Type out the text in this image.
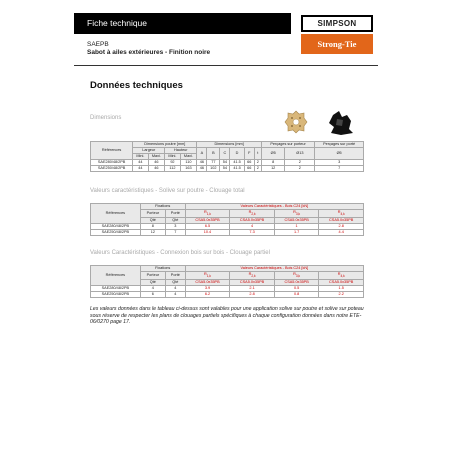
Fiche technique	SIMPSON
Strong-Tie
SAEPB
Sabot à ailes extérieures - Finition noire
Données techniques
Dimensions
Références	Dimensions poutre [mm]				Dimensions [mm]						Perçages sur porteur		Perçages sur porté
	Largeur		Hauteur		A	B	C	D	F	t	Ø5	Ø13	Ø5
	Mini.	Maxi.	Mini.	Maxi.									
SAE280/48/2PB	44	46	92	110	46	77	54	41.5	66	2	8	2	3
SAE250/48/2PB	44	46	112	163	46	102	54	41.5	66	2	12	2	7
Valeurs caractéristiques - Solive sur poutre - Clouage total
Références	Fixations		Valeurs Caractéristiques - Bois C24 [kN]			
	Porteur	Porté	$R_{1,k}$	$R_{2,k}$	$R_{3,k}$	$R_{4,k}$
	Qté	Qté	CSA5.0x35PB	CSA5.0x35PB	CSA5.0x35PB	CSA5.0x35PB
SAE280/48/2PB	8	3	6.5	4	1	2.8
SAE250/48/2PB	12	7	10.4	7.3	1.7	4.4
Valeurs Caractéristiques - Connexion bois sur bois - Clouage partiel
Références	Fixations		Valeurs Caractéristiques - Bois C24 [kN]			
	Porteur	Porté	$R_{1,k}$	$R_{2,k}$	$R_{3,k}$	$R_{4,k}$
	Qté	Qté	CSA5.0x35PB	CSA5.0x35PB	CSA5.0x35PB	CSA5.0x35PB
SAE280/48/2PB	4	4	3.9	2.1	0.5	1.5
SAE250/48/2PB	6	4	6.2	2.8	0.8	2.2
Les valeurs données dans le tableau ci-dessus sont valables pour une application solive sur poutre et solive sur poteau sous réserve de respecter les plans de clouages partiels spécifiques à chaque configuration données dans notre ETE-06/0270 page 17.
